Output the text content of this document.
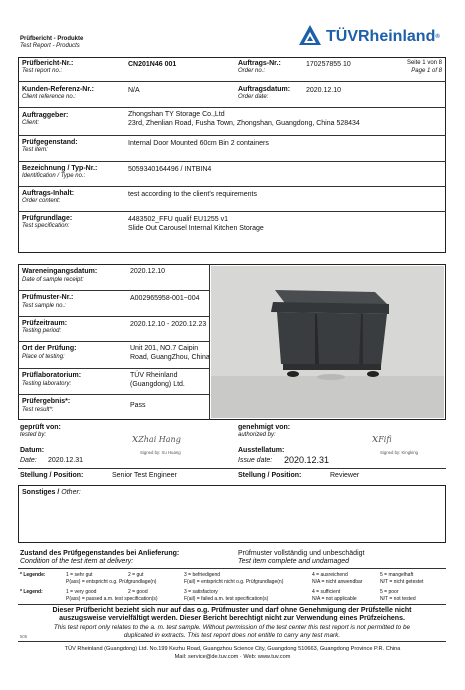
Prüfbericht - Produkte
Test Report - Products
TÜVRheinland®
Prüfbericht-Nr.:
Test report no.:
CN201N46 001	Auftrags-Nr.:
Order no.:
170257855 10	Seite 1 von 8
Page 1 of 8
Kunden-Referenz-Nr.:
Client reference no.:
N/A	Auftragsdatum:
Order date:
2020.12.10
Auftraggeber:
Client:
Zhongshan TY Storage Co.,Ltd
23rd, Zhenlian Road, Fusha Town, Zhongshan, Guangdong, China 528434
Prüfgegenstand:
Test item:
Internal Door Mounted 60cm Bin 2 containers
Bezeichnung / Typ-Nr.:
Identification / Type no.:
5059340164496 / INTBIN4
Auftrags-Inhalt:
Order content:
test according to the client's requirements
Prüfgrundlage:
Test specification:
4483502_FFU qualif EU1255 v1
Slide Out Carousel Internal Kitchen Storage
Wareneingangsdatum:
Date of sample receipt:
2020.12.10
Prüfmuster-Nr.:
Test sample no.:
A002965958-001~004
Prüfzeitraum:
Testing period:
2020.12.10 - 2020.12.23
Ort der Prüfung:
Place of testing:
Unit 201, NO.7 Caipin
Road, GuangZhou, China
Prüflaboratorium:
Testing laboratory:
TÜV Rheinland
(Guangdong) Ltd.
Prüfergebnis*:
Test result*:
Pass
geprüft von:
tested by:
genehmigt von:
authorized by:
xZhai Hang	xFifi
Signed by: Xu Huang	Signed by: Kingking
Datum:
Date: 2020.12.31
Ausstellatum:
Issue date: 2020.12.31
Stellung / Position:	Senior Test Engineer	Stellung / Position:	Reviewer
Sonstiges / Other:
Zustand des Prüfgegenstandes bei Anlieferung:
Condition of the test item at delivery:
Prüfmuster vollständig und unbeschädigt
Test item complete and undamaged
* Legende:	1 = sehr gut	2 = gut	3 = befriedigend	4 = ausreichend	5 = mangelhaft
P(ass) = entspricht o.g. Prüfgrundlage(n)	F(ail) = entspricht nicht o.g. Prüfgrundlage(n)	N/A = nicht anwendbar	N/T = nicht getestet
* Legend:	1 = very good	2 = good	3 = satisfactory	4 = sufficient	5 = poor
P(ass) = passed a.m. test specification(s)	F(ail) = failed a.m. test specification(s)	N/A = not applicable	N/T = not tested
Dieser Prüfbericht bezieht sich nur auf das o.g. Prüfmuster und darf ohne Genehmigung der Prüfstelle nicht
auszugsweise vervielfältigt werden. Dieser Bericht berechtigt nicht zur Verwendung eines Prüfzeichens.
This test report only relates to the a. m. test sample. Without permission of the test center this test report is not permitted to be
duplicated in extracts. This test report does not entitle to carry any test mark.
505
TÜV Rheinland (Guangdong) Ltd. No.199 Kezhu Road, Guangzhou Science City, Guangdong 510663, Guangdong Province P.R. China
Mail: service@de.tuv.com · Web: www.tuv.com
